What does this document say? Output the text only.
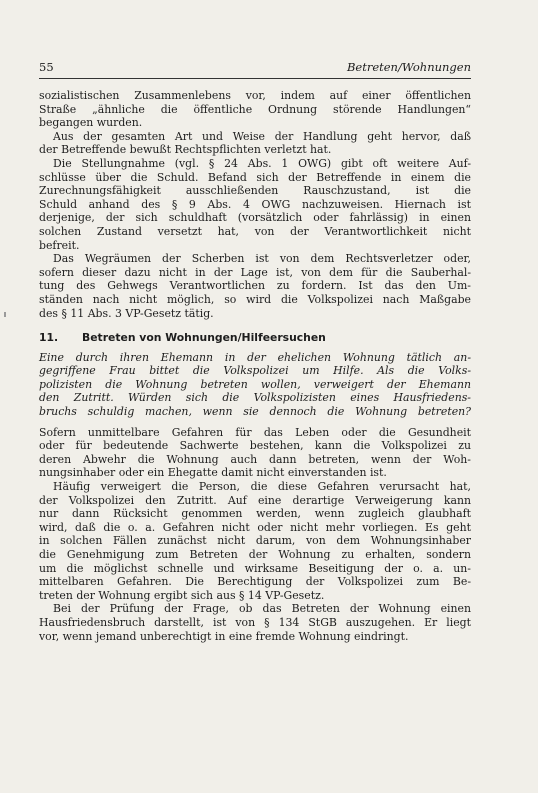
55	Betreten/Wohnungen

sozialistischen Zusammenlebens vor, indem auf einer öffentlichen
Straße „ähnliche die öffentliche Ordnung störende Handlungen“
begangen wurden.

Aus der gesamten Art und Weise der Handlung geht hervor, daß
der Betreffende bewußt Rechtspflichten verletzt hat.

Die Stellungnahme (vgl. § 24 Abs. 1 OWG) gibt oft weitere Auf-
schlüsse über die Schuld. Befand sich der Betreffende in einem die
Zurechnungsfähigkeit ausschließenden Rauschzustand, ist die
Schuld anhand des § 9 Abs. 4 OWG nachzuweisen. Hiernach ist
derjenige, der sich schuldhaft (vorsätzlich oder fahrlässig) in einen
solchen Zustand versetzt hat, von der Verantwortlichkeit nicht
befreit.

Das Wegräumen der Scherben ist von dem Rechtsverletzer oder,
sofern dieser dazu nicht in der Lage ist, von dem für die Sauberhal-
tung des Gehwegs Verantwortlichen zu fordern. Ist das den Um-
ständen nach nicht möglich, so wird die Volkspolizei nach Maßgabe
des § 11 Abs. 3 VP-Gesetz tätig.

11. Betreten von Wohnungen/Hilfeersuchen

Eine durch ihren Ehemann in der ehelichen Wohnung tätlich an-
gegriffene Frau bittet die Volkspolizei um Hilfe. Als die Volks-
polizisten die Wohnung betreten wollen, verweigert der Ehemann
den Zutritt. Würden sich die Volkspolizisten eines Hausfriedens-
bruchs schuldig machen, wenn sie dennoch die Wohnung betreten?

Sofern unmittelbare Gefahren für das Leben oder die Gesundheit
oder für bedeutende Sachwerte bestehen, kann die Volkspolizei zu
deren Abwehr die Wohnung auch dann betreten, wenn der Woh-
nungsinhaber oder ein Ehegatte damit nicht einverstanden ist.

Häufig verweigert die Person, die diese Gefahren verursacht hat,
der Volkspolizei den Zutritt. Auf eine derartige Verweigerung kann
nur dann Rücksicht genommen werden, wenn zugleich glaubhaft
wird, daß die o. a. Gefahren nicht oder nicht mehr vorliegen. Es geht
in solchen Fällen zunächst nicht darum, von dem Wohnungsinhaber
die Genehmigung zum Betreten der Wohnung zu erhalten, sondern
um die möglichst schnelle und wirksame Beseitigung der o. a. un-
mittelbaren Gefahren. Die Berechtigung der Volkspolizei zum Be-
treten der Wohnung ergibt sich aus § 14 VP-Gesetz.

Bei der Prüfung der Frage, ob das Betreten der Wohnung einen
Hausfriedensbruch darstellt, ist von § 134 StGB auszugehen. Er liegt
vor, wenn jemand unberechtigt in eine fremde Wohnung eindringt.
